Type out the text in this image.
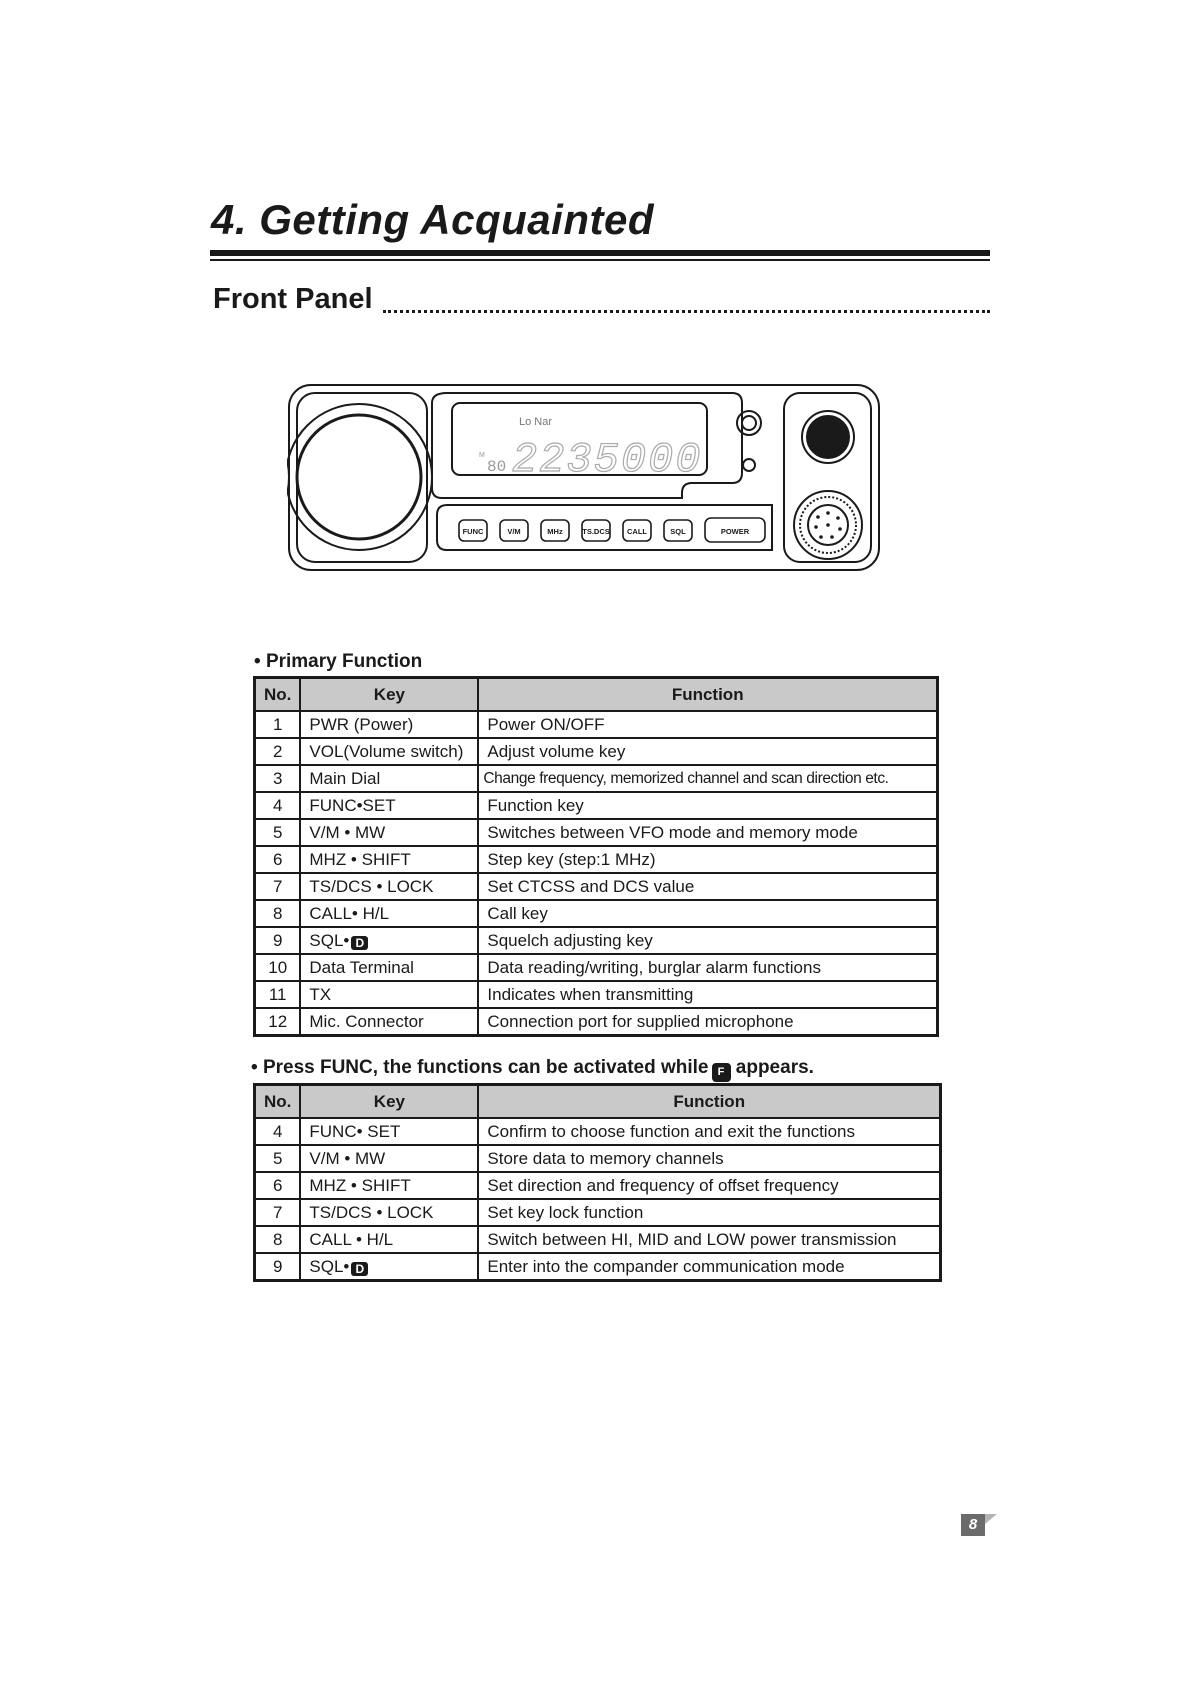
4. Getting Acquainted
Front Panel
Lo Nar
M
80 2235000
FUNC	V/M	MHz	TS.DCS CALL	SQL	POWER

• Primary Function

No.	Key	Function
1	PWR (Power)	Power ON/OFF
2	VOL(Volume switch)	Adjust volume key
3	Main Dial	Change frequency, memorized channel and scan direction etc.
4	FUNC•SET	Function key
5	V/M • MW	Switches between VFO mode and memory mode
6	MHZ • SHIFT	Step key (step:1 MHz)
7	TS/DCS • LOCK	Set CTCSS and DCS value
8	CALL• H/L	Call key
9	SQL• D	Squelch adjusting key
10	Data Terminal	Data reading/writing, burglar alarm functions
11	TX	Indicates when transmitting
12	Mic. Connector	Connection port for supplied microphone

• Press FUNC, the functions can be activated while F appears.

No.	Key	Function
4	FUNC• SET	Confirm to choose function and exit the functions
5	V/M • MW	Store data to memory channels
6	MHZ • SHIFT	Set direction and frequency of offset frequency
7	TS/DCS • LOCK	Set key lock function
8	CALL • H/L	Switch between HI, MID and LOW power transmission
9	SQL• D	Enter into the compander communication mode
8
